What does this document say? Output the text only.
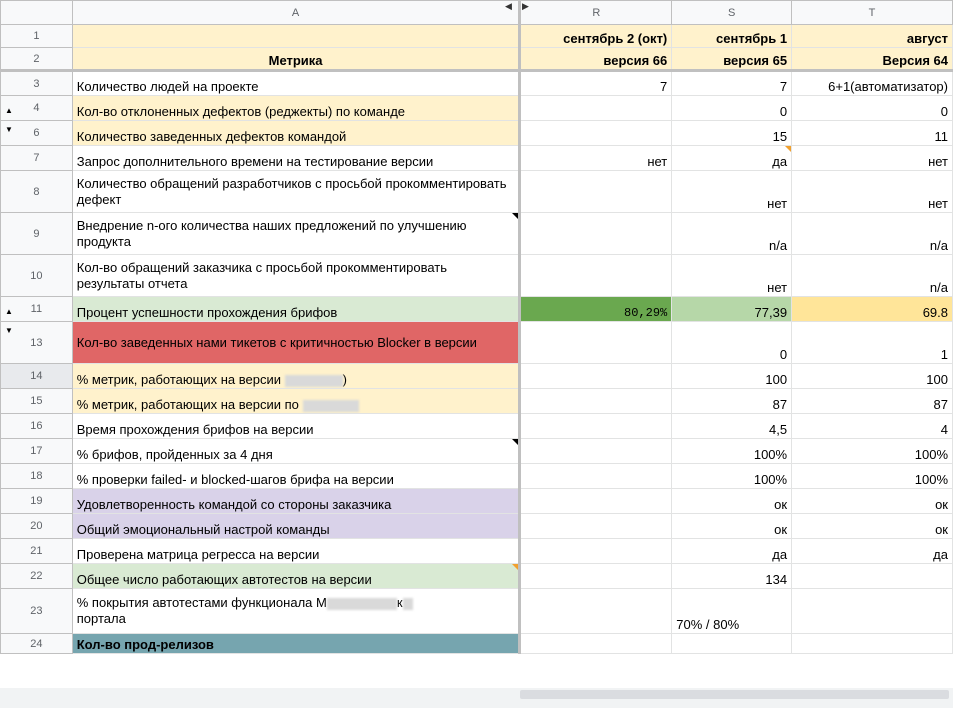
	A	R	S	T
1		сентябрь 2 (окт)	сентябрь 1	август
2	Метрика	версия 66	версия 65	Версия 64
3	Количество людей на проекте	7	7	6+1(автоматизатор)

▲ 4	Кол-во отклоненных дефектов (реджекты) по команде		0	0

▼ 6	Количество заведенных дефектов командой		15	11
7	Запрос дополнительного времени на тестирование версии	нет	да	нет
8	Количество обращений разработчиков с просьбой прокомментировать дефект		нет	нет
9	Внедрение n-ого количества наших предложений по улучшению продукта		n/a	n/a
10	Кол-во обращений заказчика с просьбой прокомментировать результаты отчета		нет	n/a

▲ 11	Процент успешности прохождения брифов	80,29%	77,39	69.8

▼
13	Кол-во заведенных нами тикетов с критичностью Blocker в версии		0	1
14	% метрик, работающих на версии )		100	100
15	% метрик, работающих на версии по		87	87
16	Время прохождения брифов на версии		4,5	4
17	% брифов, пройденных за 4 дня		100%	100%
18	% проверки failed- и blocked-шагов брифа на версии		100%	100%
19	Удовлетворенность командой со стороны заказчика		ок	ок
20	Общий эмоциональный настрой команды		ок	ок
21	Проверена матрица регресса на версии		да	да
22	Общее число работающих автотестов на версии		134	
23	% покрытия автотестами функционала М к
портала		70% / 80%	
24	Кол-во прод-релизов			
◀ ▶
